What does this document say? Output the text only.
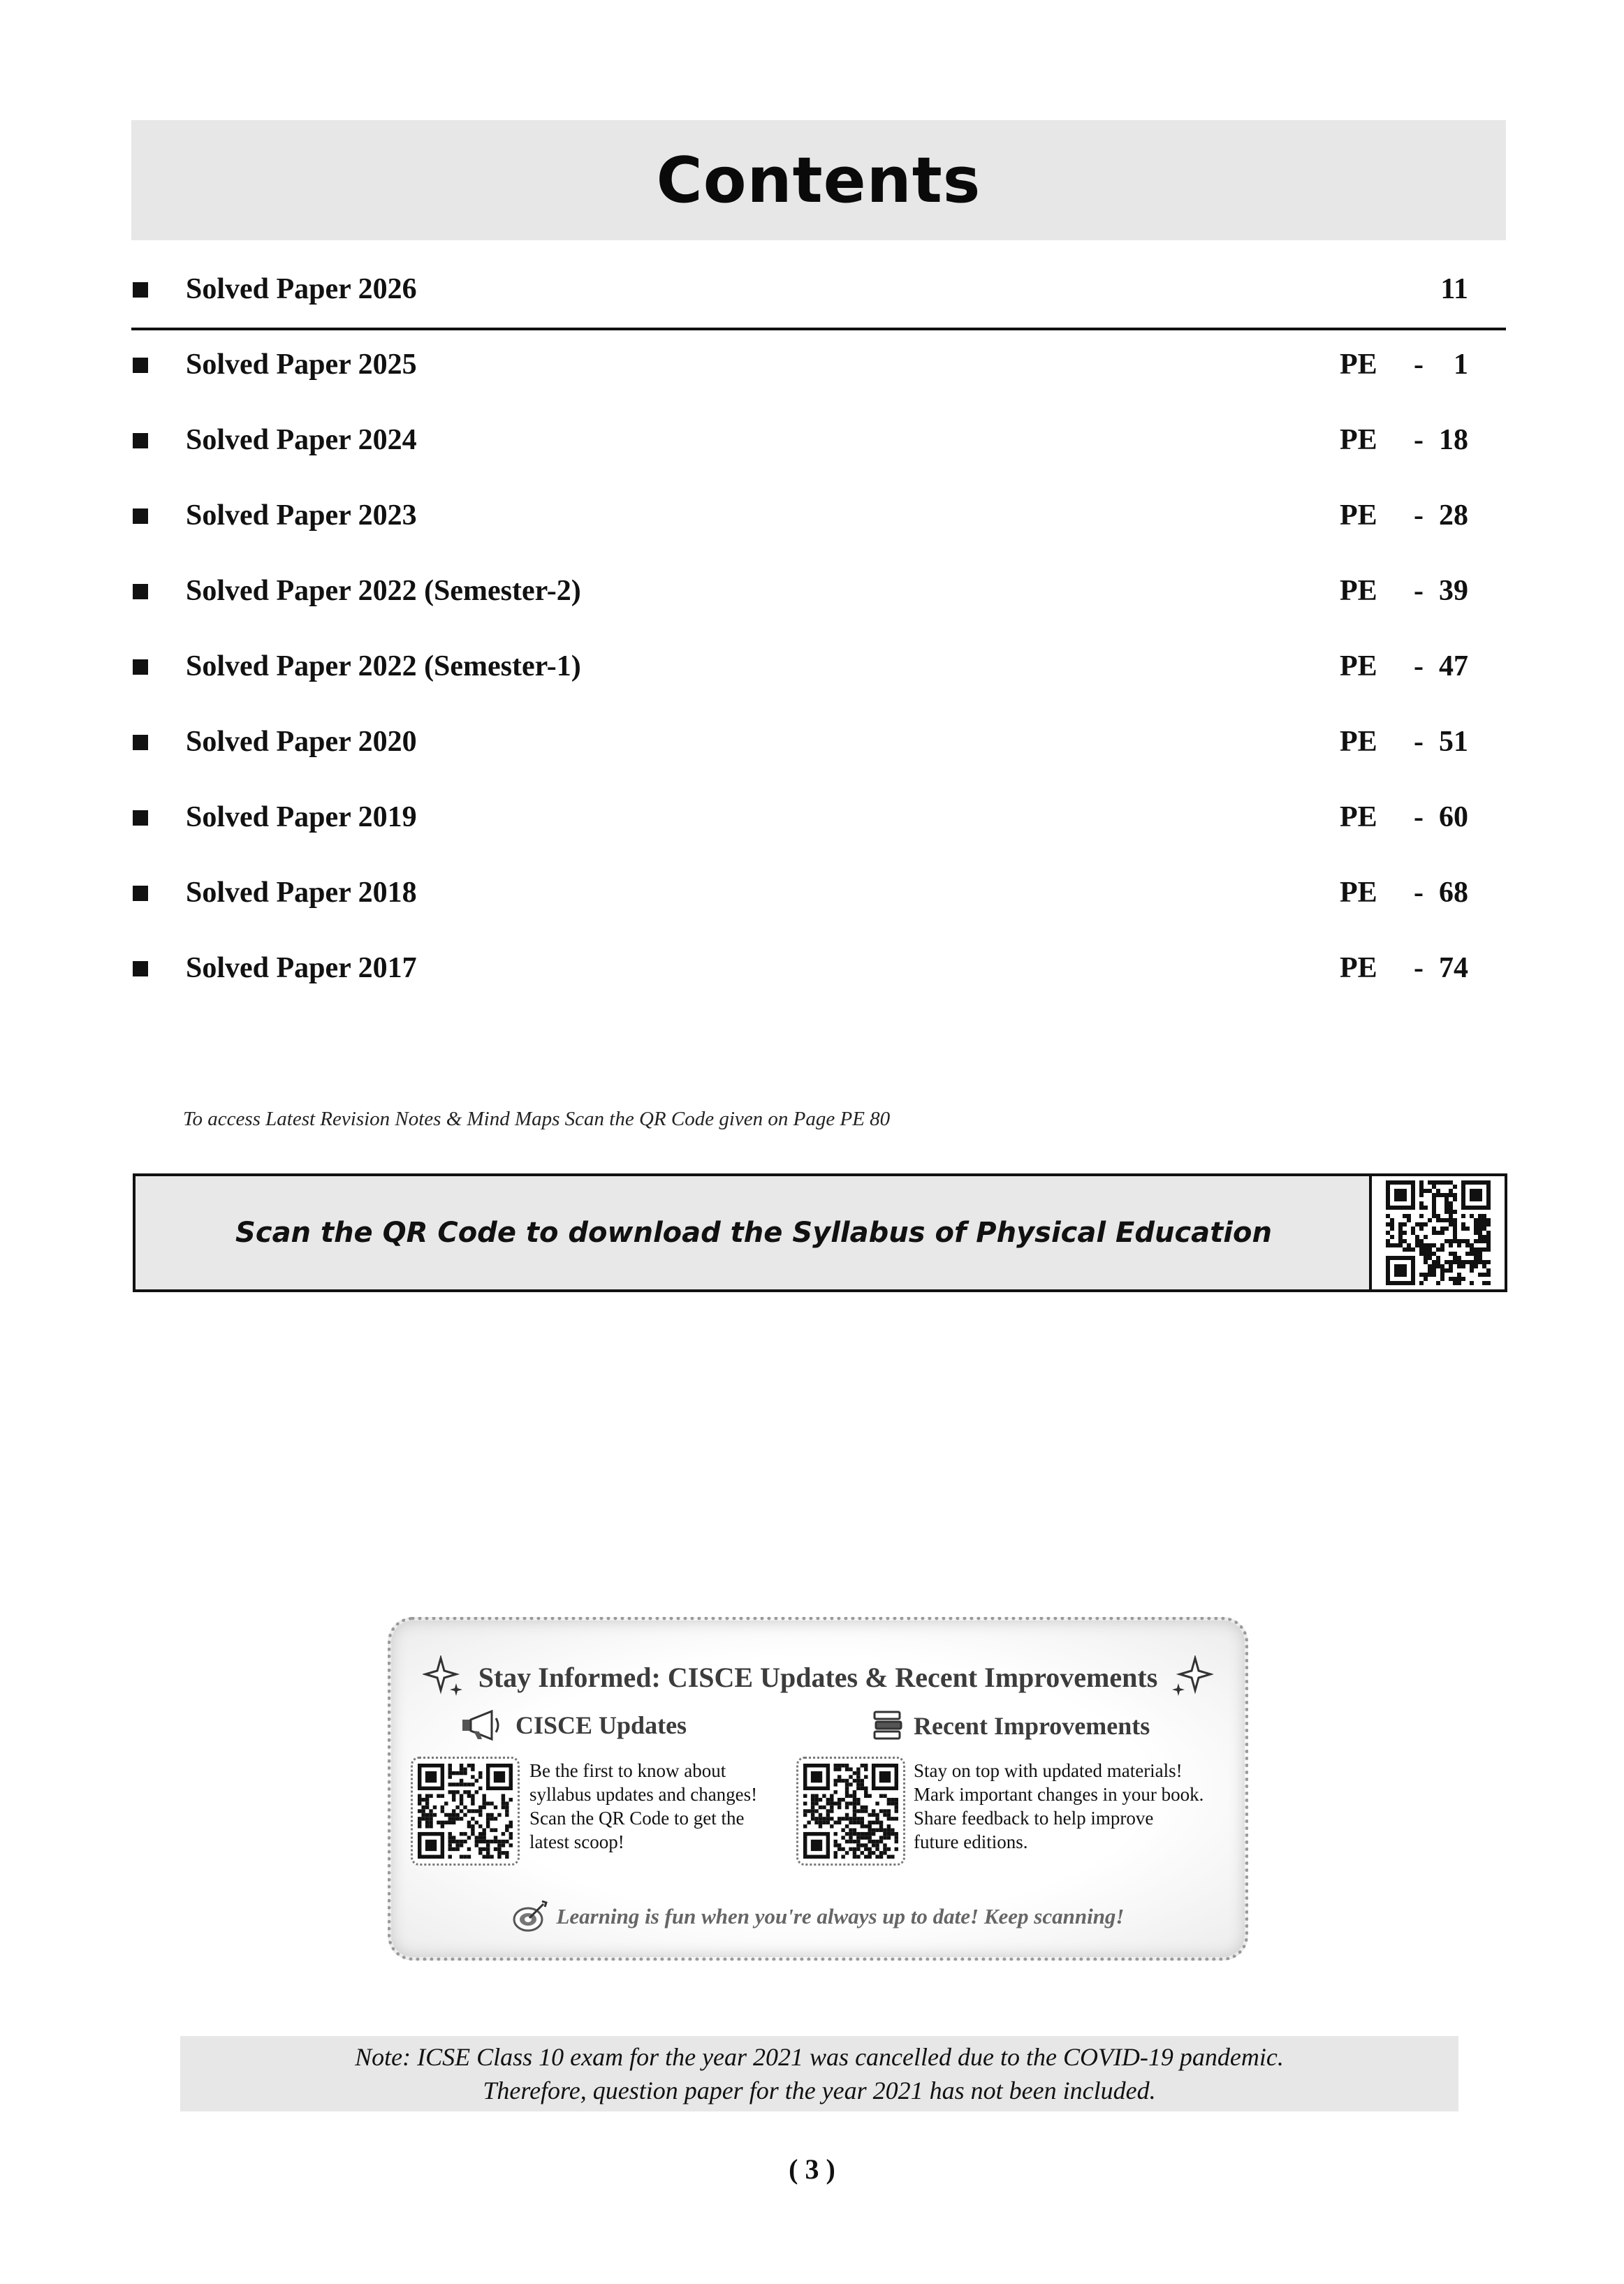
Contents
Solved Paper 2026	11
Solved Paper 2025	PE - 1
Solved Paper 2024	PE - 18
Solved Paper 2023	PE - 28
Solved Paper 2022 (Semester-2)	PE - 39
Solved Paper 2022 (Semester-1)	PE - 47
Solved Paper 2020	PE - 51
Solved Paper 2019	PE - 60
Solved Paper 2018	PE - 68
Solved Paper 2017	PE - 74
To access Latest Revision Notes & Mind Maps Scan the QR Code given on Page PE 80
Scan the QR Code to download the Syllabus of Physical Education
Stay Informed: CISCE Updates & Recent Improvements
CISCE Updates	Recent Improvements
Be the first to know about
syllabus updates and changes!
Scan the QR Code to get the
latest scoop!
Stay on top with updated materials!
Mark important changes in your book.
Share feedback to help improve
future editions.
Learning is fun when you're always up to date! Keep scanning!
Note: ICSE Class 10 exam for the year 2021 was cancelled due to the COVID-19 pandemic.
Therefore, question paper for the year 2021 has not been included.
( 3 )
